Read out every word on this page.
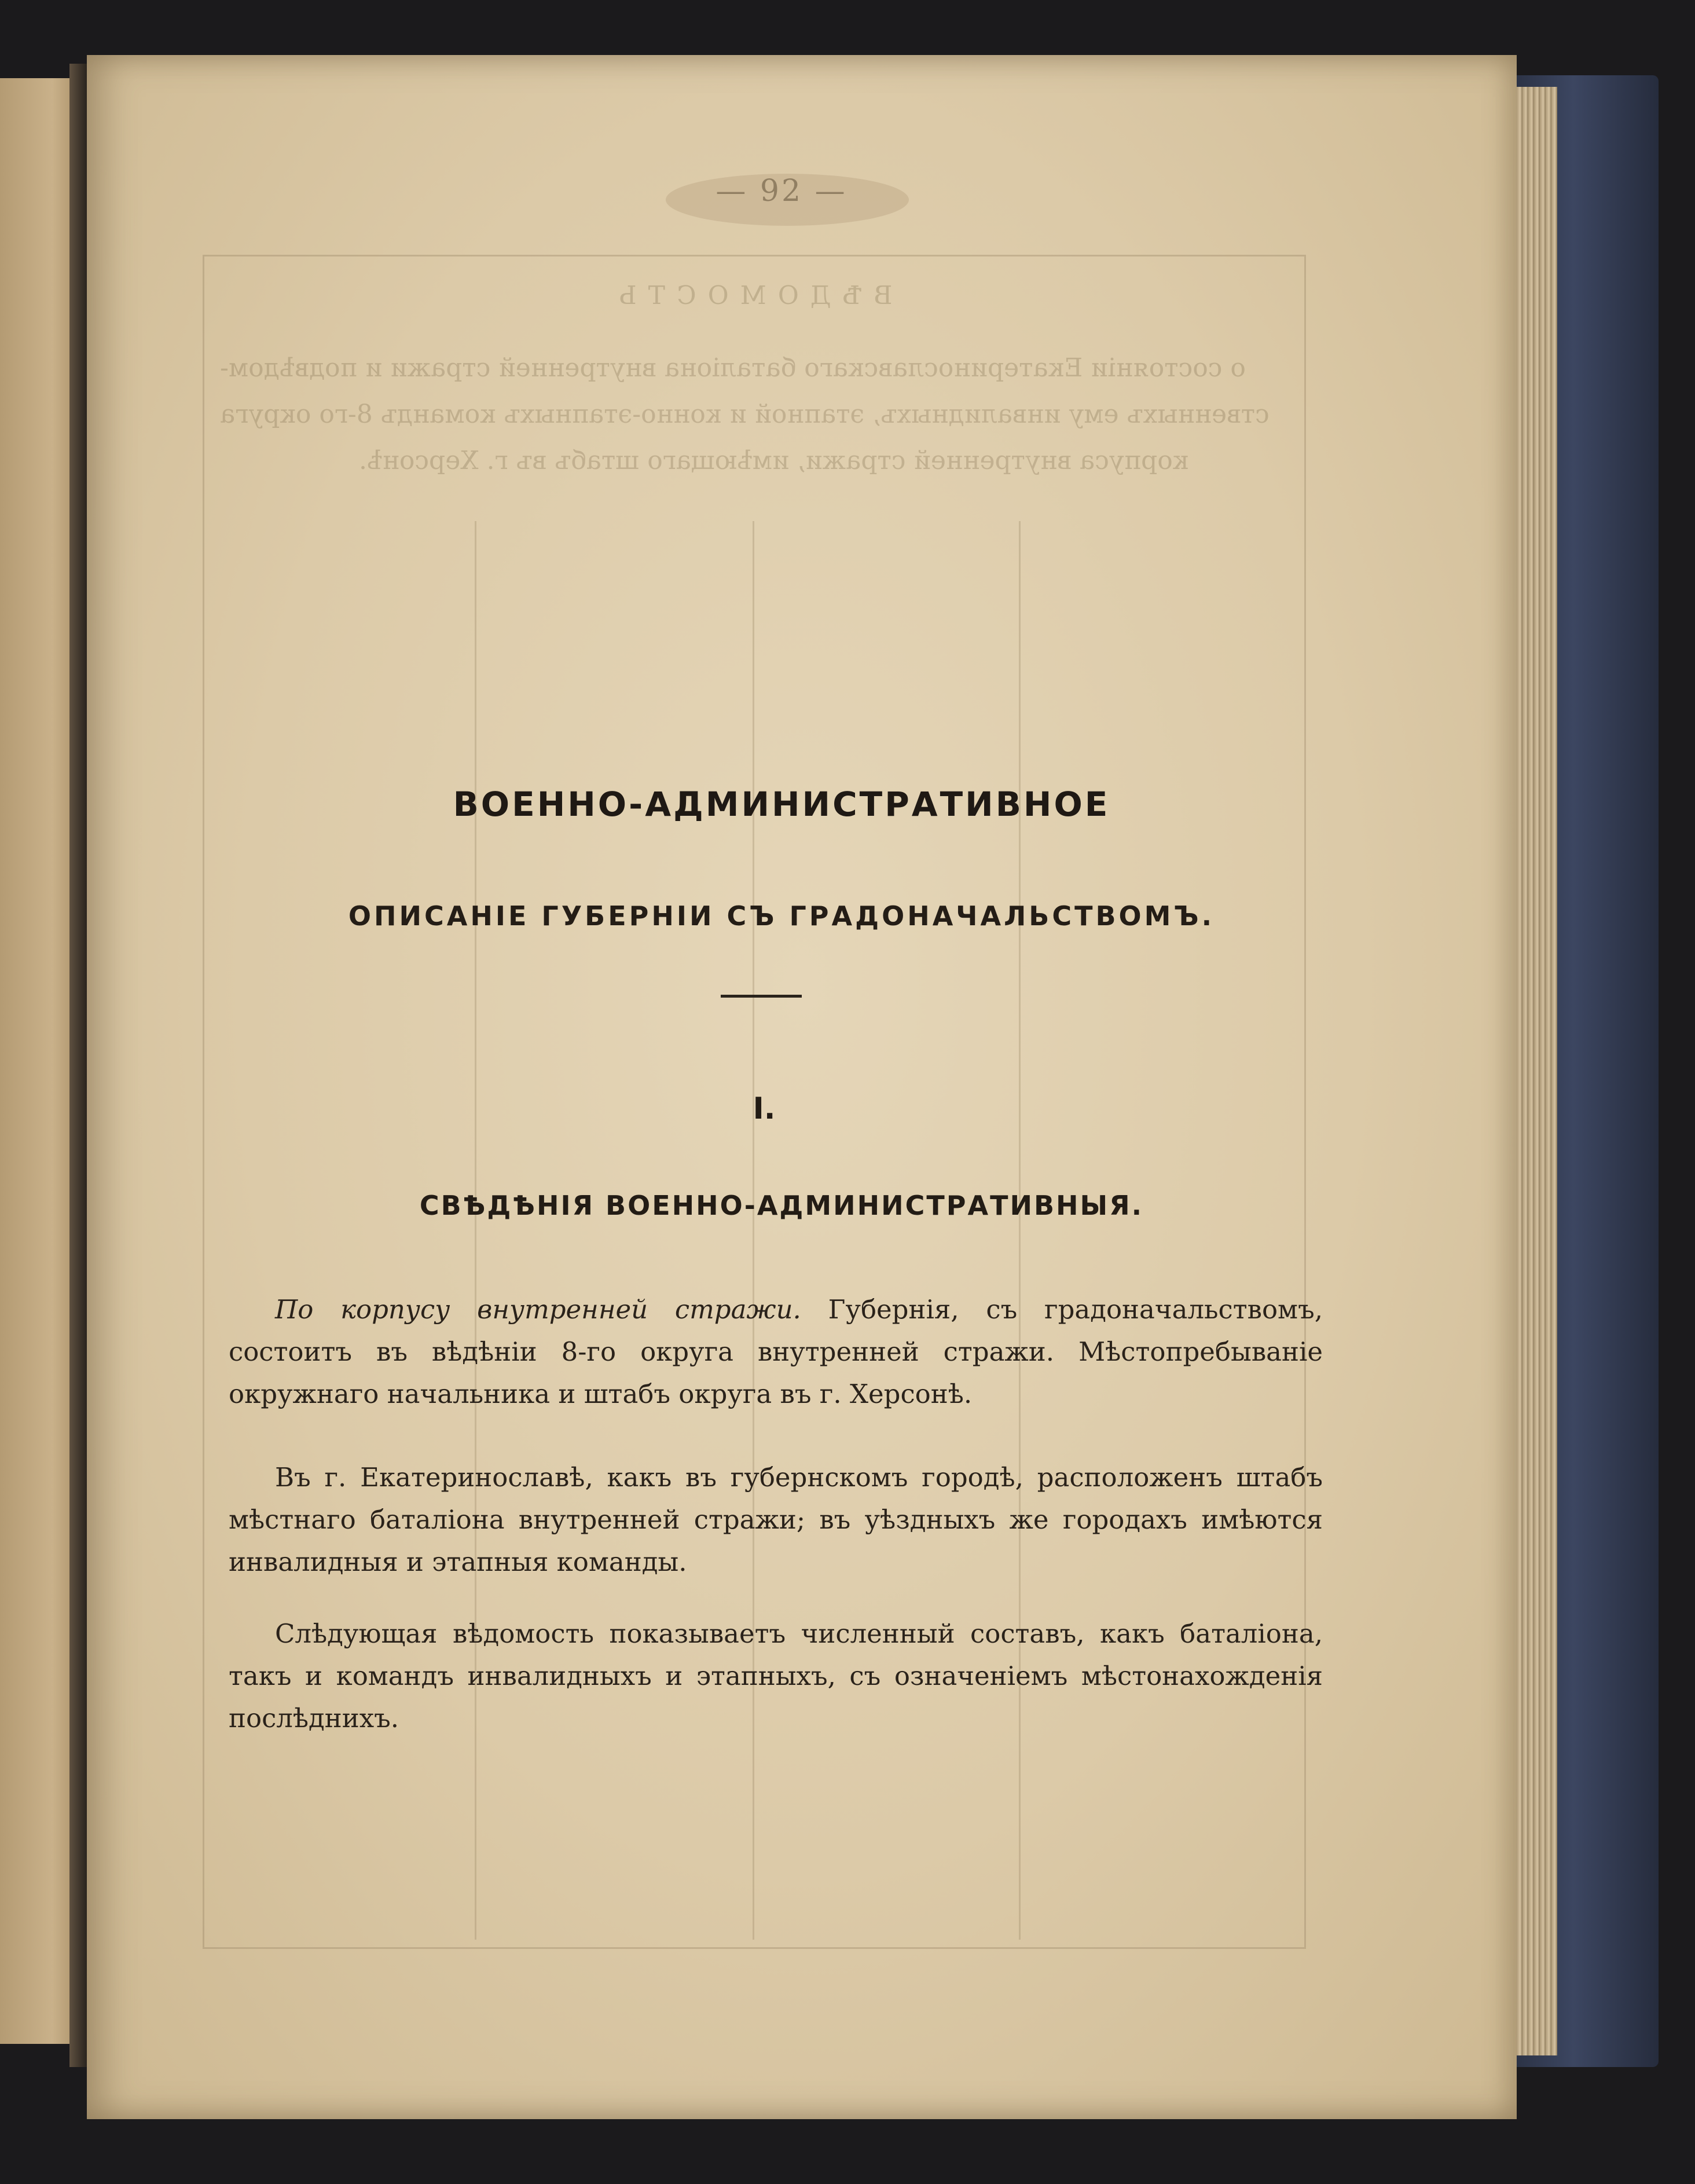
ВѢДОМОСТЬ
о состояніи Екатеринославскаго баталіона внутренней стражи и подвѣдом-
ственныхъ ему инвалидныхъ, этапной и конно-этапныхъ командъ 8-го округа
корпуса внутренней стражи, имѣющаго штабъ въ г. Херсонѣ.
— 92 —
ВОЕННО-АДМИНИСТРАТИВНОЕ
ОПИСАНІЕ ГУБЕРНІИ СЪ ГРАДОНАЧАЛЬСТВОМЪ.
I.
СВѢДѢНІЯ ВОЕННО-АДМИНИСТРАТИВНЫЯ.

По корпусу внутренней стражи. Губернія, съ градоначальствомъ, состоитъ въ вѣдѣніи 8-го округа внутренней стражи. Мѣстопребываніе окружнаго начальника и штабъ округа въ г. Херсонѣ.

Въ г. Екатеринославѣ, какъ въ губернскомъ городѣ, расположенъ штабъ мѣстнаго баталіона внутренней стражи; въ уѣздныхъ же городахъ имѣются инвалидныя и этапныя команды.

Слѣдующая вѣдомость показываетъ численный составъ, какъ баталіона, такъ и командъ инвалидныхъ и этапныхъ, съ означеніемъ мѣстонахожденія послѣднихъ.
